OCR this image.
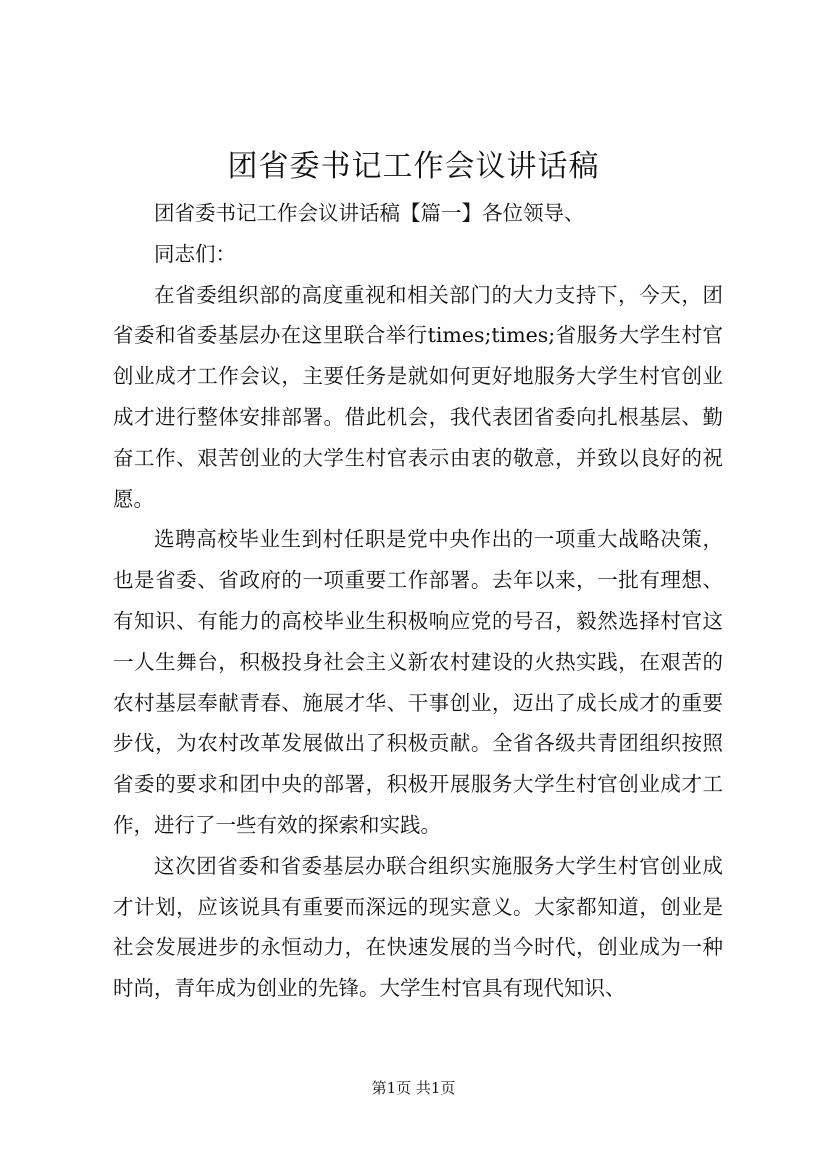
团省委书记工作会议讲话稿

团省委书记工作会议讲话稿【篇一】各位领导、

同志们：

在省委组织部的高度重视和相关部门的大力支持下，今天，团省委和省委基层办在这里联合举行times;times;省服务大学生村官创业成才工作会议，主要任务是就如何更好地服务大学生村官创业成才进行整体安排部署。借此机会，我代表团省委向扎根基层、勤奋工作、艰苦创业的大学生村官表示由衷的敬意，并致以良好的祝愿。

选聘高校毕业生到村任职是党中央作出的一项重大战略决策，也是省委、省政府的一项重要工作部署。去年以来，一批有理想、有知识、有能力的高校毕业生积极响应党的号召，毅然选择村官这一人生舞台，积极投身社会主义新农村建设的火热实践，在艰苦的农村基层奉献青春、施展才华、干事创业，迈出了成长成才的重要步伐，为农村改革发展做出了积极贡献。全省各级共青团组织按照省委的要求和团中央的部署，积极开展服务大学生村官创业成才工作，进行了一些有效的探索和实践。

这次团省委和省委基层办联合组织实施服务大学生村官创业成才计划，应该说具有重要而深远的现实意义。大家都知道，创业是社会发展进步的永恒动力，在快速发展的当今时代，创业成为一种时尚，青年成为创业的先锋。大学生村官具有现代知识、

第1页 共1页
